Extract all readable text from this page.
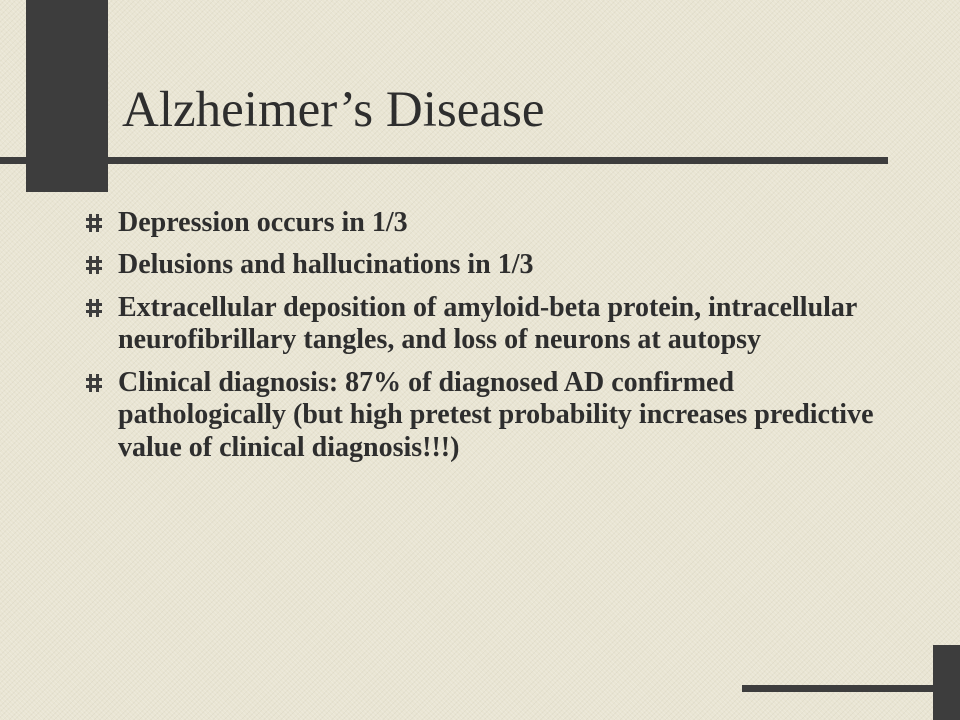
Alzheimer’s Disease
Depression occurs in 1/3
Delusions and hallucinations in 1/3
Extracellular deposition of amyloid-beta protein, intracellular neurofibrillary tangles, and loss of neurons at autopsy
Clinical diagnosis: 87% of diagnosed AD confirmed pathologically (but high pretest probability increases predictive value of clinical diagnosis!!!)
